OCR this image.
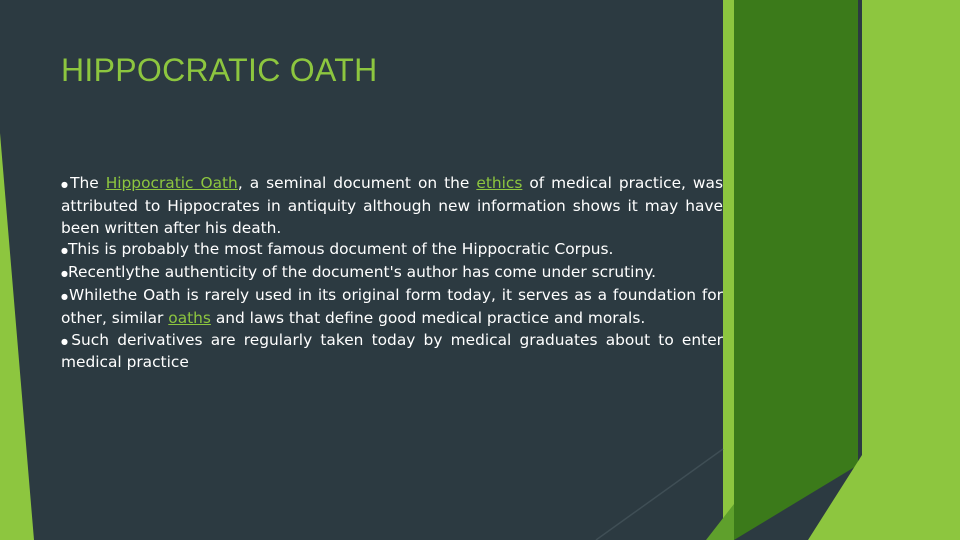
HIPPOCRATIC OATH

●The Hippocratic Oath, a seminal document on the ethics of medical practice, was attributed to Hippocrates in antiquity although new information shows it may have been written after his death.

●This is probably the most famous document of the Hippocratic Corpus.

●Recentlythe authenticity of the document's author has come under scrutiny.

●Whilethe Oath is rarely used in its original form today, it serves as a foundation for other, similar oaths and laws that define good medical practice and morals.

●Such derivatives are regularly taken today by medical graduates about to enter medical practice
